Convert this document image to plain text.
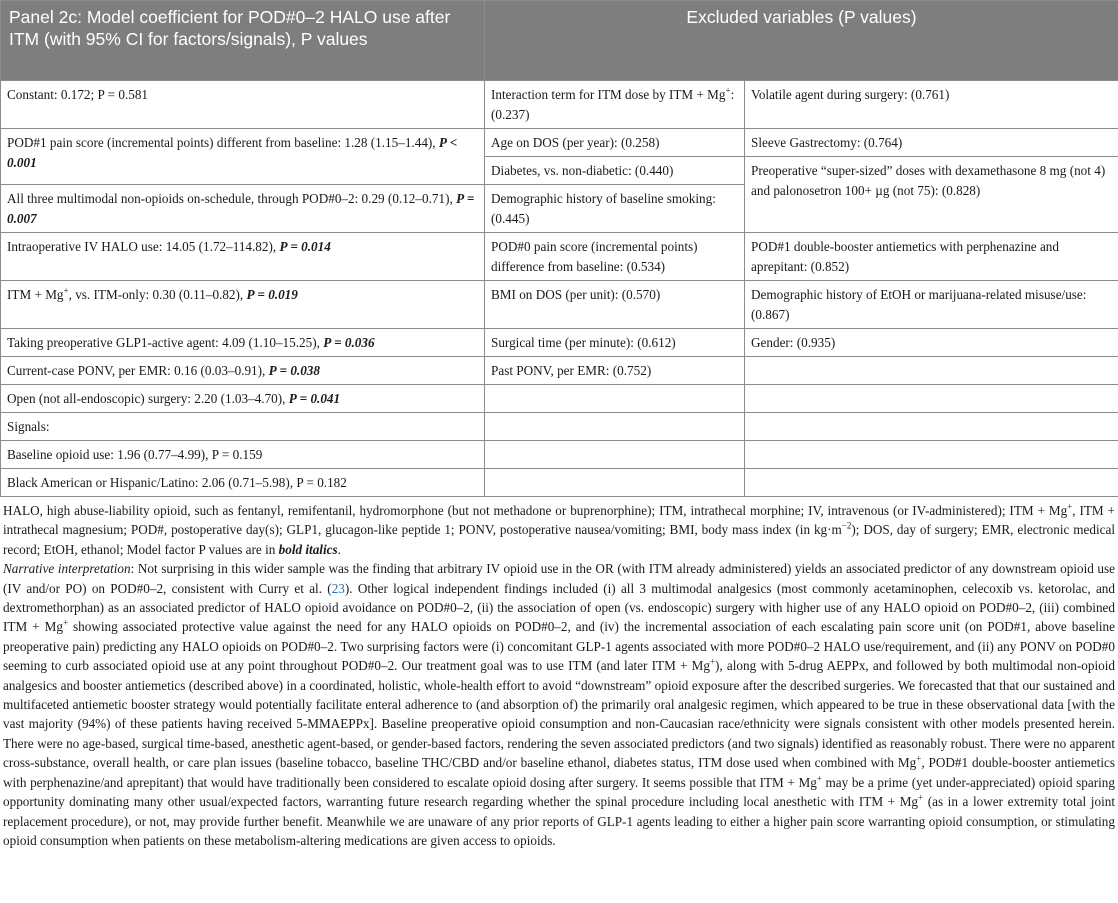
Panel 2c: Model coefficient for POD#0–2 HALO use after ITM (with 95% CI for factors/signals), P values	Excluded variables (P values)	
Constant: 0.172; P = 0.581	Interaction term for ITM dose by ITM + Mg+: (0.237)	Volatile agent during surgery: (0.761)
POD#1 pain score (incremental points) different from baseline: 1.28 (1.15–1.44), P < 0.001	Age on DOS (per year): (0.258)	Sleeve Gastrectomy: (0.764)
	Diabetes, vs. non-diabetic: (0.440)	Preoperative “super-sized” doses with dexamethasone 8 mg (not 4) and palonosetron 100+ µg (not 75): (0.828)
All three multimodal non-opioids on-schedule, through POD#0–2: 0.29 (0.12–0.71), P = 0.007	Demographic history of baseline smoking: (0.445)	
Intraoperative IV HALO use: 14.05 (1.72–114.82), P = 0.014	POD#0 pain score (incremental points) difference from baseline: (0.534)	POD#1 double-booster antiemetics with perphenazine and aprepitant: (0.852)
ITM + Mg+, vs. ITM-only: 0.30 (0.11–0.82), P = 0.019	BMI on DOS (per unit): (0.570)	Demographic history of EtOH or marijuana-related misuse/use: (0.867)
Taking preoperative GLP1-active agent: 4.09 (1.10–15.25), P = 0.036	Surgical time (per minute): (0.612)	Gender: (0.935)
Current-case PONV, per EMR: 0.16 (0.03–0.91), P = 0.038	Past PONV, per EMR: (0.752)	
Open (not all-endoscopic) surgery: 2.20 (1.03–4.70), P = 0.041		
Signals:		
Baseline opioid use: 1.96 (0.77–4.99), P = 0.159		
Black American or Hispanic/Latino: 2.06 (0.71–5.98), P = 0.182		

HALO, high abuse-liability opioid, such as fentanyl, remifentanil, hydromorphone (but not methadone or buprenorphine); ITM, intrathecal morphine; IV, intravenous (or IV-administered); ITM + Mg+, ITM + intrathecal magnesium; POD#, postoperative day(s); GLP1, glucagon-like peptide 1; PONV, postoperative nausea/vomiting; BMI, body mass index (in $kg\cdot m^{-2}$); DOS, day of surgery; EMR, electronic medical record; EtOH, ethanol; Model factor P values are in bold italics.

Narrative interpretation: Not surprising in this wider sample was the finding that arbitrary IV opioid use in the OR (with ITM already administered) yields an associated predictor of any downstream opioid use (IV and/or PO) on POD#0–2, consistent with Curry et al. (23). Other logical independent findings included (i) all 3 multimodal analgesics (most commonly acetaminophen, celecoxib vs. ketorolac, and dextromethorphan) as an associated predictor of HALO opioid avoidance on POD#0–2, (ii) the association of open (vs. endoscopic) surgery with higher use of any HALO opioid on POD#0–2, (iii) combined ITM + Mg+ showing associated protective value against the need for any HALO opioids on POD#0–2, and (iv) the incremental association of each escalating pain score unit (on POD#1, above baseline preoperative pain) predicting any HALO opioids on POD#0–2. Two surprising factors were (i) concomitant GLP-1 agents associated with more POD#0–2 HALO use/requirement, and (ii) any PONV on POD#0 seeming to curb associated opioid use at any point throughout POD#0–2. Our treatment goal was to use ITM (and later ITM + Mg+), along with 5-drug AEPPx, and followed by both multimodal non-opioid analgesics and booster antiemetics (described above) in a coordinated, holistic, whole-health effort to avoid “downstream” opioid exposure after the described surgeries. We forecasted that that our sustained and multifaceted antiemetic booster strategy would potentially facilitate enteral adherence to (and absorption of) the primarily oral analgesic regimen, which appeared to be true in these observational data [with the vast majority (94%) of these patients having received 5-MMAEPPx]. Baseline preoperative opioid consumption and non-Caucasian race/ethnicity were signals consistent with other models presented herein. There were no age-based, surgical time-based, anesthetic agent-based, or gender-based factors, rendering the seven associated predictors (and two signals) identified as reasonably robust. There were no apparent cross-substance, overall health, or care plan issues (baseline tobacco, baseline THC/CBD and/or baseline ethanol, diabetes status, ITM dose used when combined with Mg+, POD#1 double-booster antiemetics with perphenazine/and aprepitant) that would have traditionally been considered to escalate opioid dosing after surgery. It seems possible that ITM + Mg+ may be a prime (yet under-appreciated) opioid sparing opportunity dominating many other usual/expected factors, warranting future research regarding whether the spinal procedure including local anesthetic with ITM + Mg+ (as in a lower extremity total joint replacement procedure), or not, may provide further benefit. Meanwhile we are unaware of any prior reports of GLP-1 agents leading to either a higher pain score warranting opioid consumption, or stimulating opioid consumption when patients on these metabolism-altering medications are given access to opioids.
